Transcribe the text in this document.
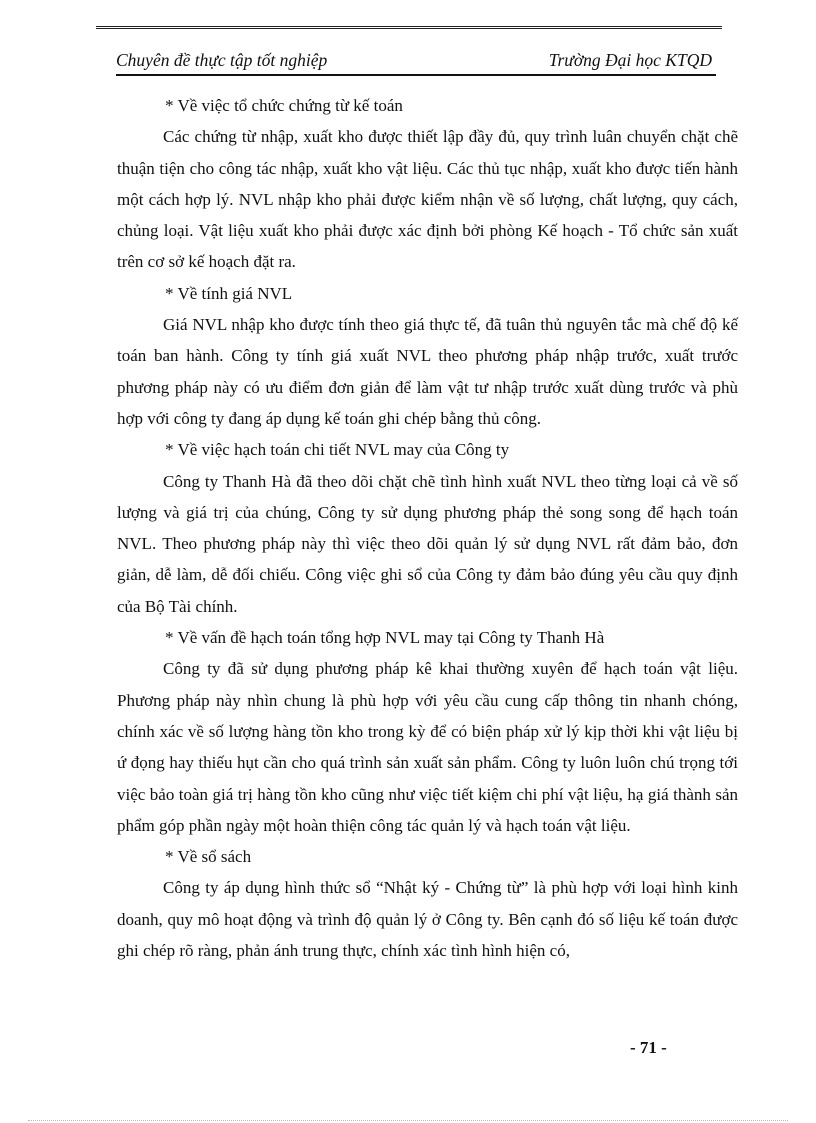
Chuyên đề thực tập tốt nghiệp	Trường Đại học KTQD

* Về việc tổ chức chứng từ kế toán

Các chứng từ nhập, xuất kho được thiết lập đầy đủ, quy trình luân chuyển chặt chẽ thuận tiện cho công tác nhập, xuất kho vật liệu. Các thủ tục nhập, xuất kho được tiến hành một cách hợp lý. NVL nhập kho phải được kiểm nhận về số lượng, chất lượng, quy cách, chủng loại. Vật liệu xuất kho phải được xác định bởi phòng Kế hoạch - Tổ chức sản xuất trên cơ sở kế hoạch đặt ra.

* Về tính giá NVL

Giá NVL nhập kho được tính theo giá thực tế, đã tuân thủ nguyên tắc mà chế độ kế toán ban hành. Công ty tính giá xuất NVL theo phương pháp nhập trước, xuất trước phương pháp này có ưu điểm đơn giản để làm vật tư nhập trước xuất dùng trước và phù hợp với công ty đang áp dụng kế toán ghi chép bằng thủ công.

* Về việc hạch toán chi tiết NVL may của Công ty

Công ty Thanh Hà đã theo dõi chặt chẽ tình hình xuất NVL theo từng loại cả về số lượng và giá trị của chúng, Công ty sử dụng phương pháp thẻ song song để hạch toán NVL. Theo phương pháp này thì việc theo dõi quản lý sử dụng NVL rất đảm bảo, đơn giản, dễ làm, dễ đối chiếu. Công việc ghi sổ của Công ty đảm bảo đúng yêu cầu quy định của Bộ Tài chính.

* Về vấn đề hạch toán tổng hợp NVL may tại Công ty Thanh Hà

Công ty đã sử dụng phương pháp kê khai thường xuyên để hạch toán vật liệu. Phương pháp này nhìn chung là phù hợp với yêu cầu cung cấp thông tin nhanh chóng, chính xác về số lượng hàng tồn kho trong kỳ để có biện pháp xử lý kịp thời khi vật liệu bị ứ đọng hay thiếu hụt cần cho quá trình sản xuất sản phẩm. Công ty luôn luôn chú trọng tới việc bảo toàn giá trị hàng tồn kho cũng như việc tiết kiệm chi phí vật liệu, hạ giá thành sản phẩm góp phần ngày một hoàn thiện công tác quản lý và hạch toán vật liệu.

* Về sổ sách

Công ty áp dụng hình thức sổ “Nhật ký - Chứng từ” là phù hợp với loại hình kinh doanh, quy mô hoạt động và trình độ quản lý ở Công ty. Bên cạnh đó số liệu kế toán được ghi chép rõ ràng, phản ánh trung thực, chính xác tình hình hiện có,

- 71 -
